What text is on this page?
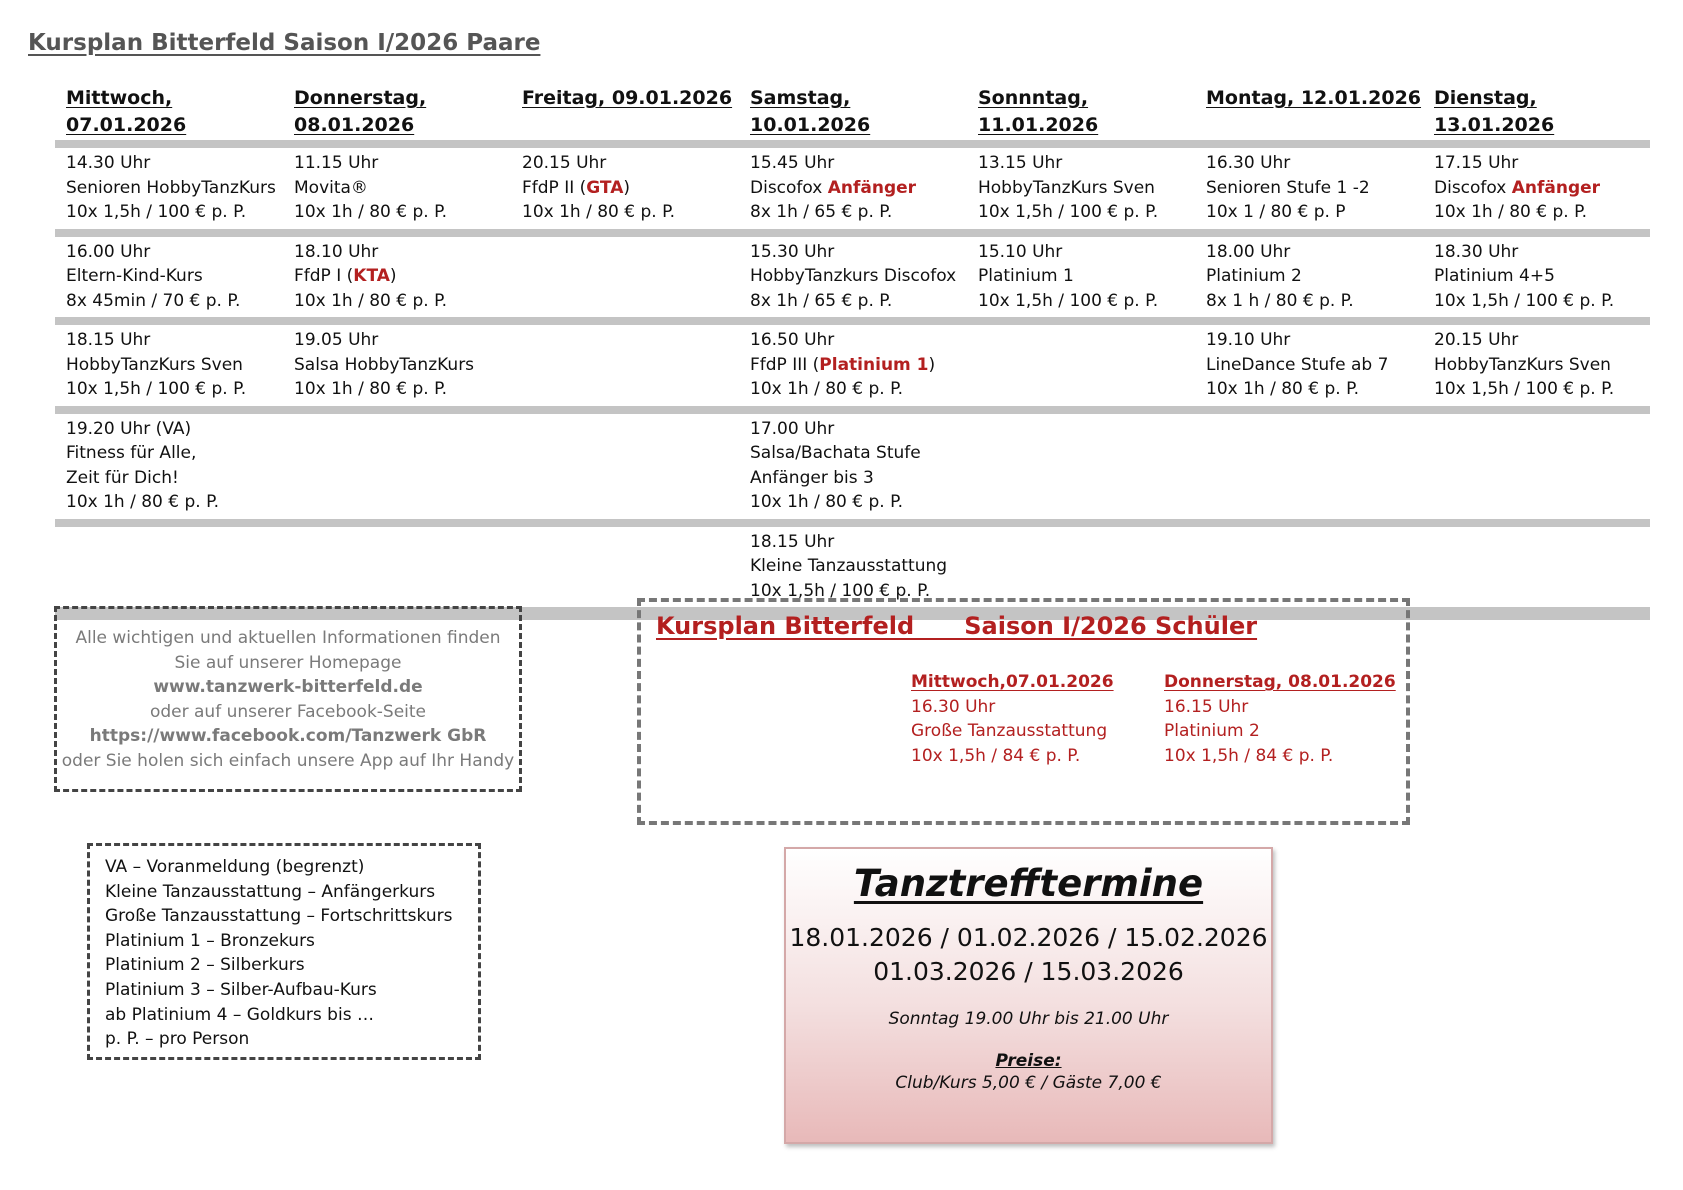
Kursplan Bitterfeld Saison I/2026 Paare
Mittwoch, 07.01.2026
Donnerstag,
08.01.2026
Freitag, 09.01.2026 Samstag, 10.01.2026
Sonnntag, 11.01.2026
Montag, 12.01.2026 Dienstag, 13.01.2026
14.30 Uhr
Senioren HobbyTanzKurs
10x 1,5h / 100 € p. P.
11.15 Uhr
Movita®
10x 1h / 80 € p. P.
20.15 Uhr
FfdP II (GTA)
10x 1h / 80 € p. P.
15.45 Uhr
Discofox Anfänger
8x 1h / 65 € p. P.
13.15 Uhr
HobbyTanzKurs Sven
10x 1,5h / 100 € p. P.
16.30 Uhr
Senioren Stufe 1 -2
10x 1 / 80 € p. P
17.15 Uhr
Discofox Anfänger
10x 1h / 80 € p. P.
16.00 Uhr
Eltern-Kind-Kurs
8x 45min / 70 € p. P.
18.10 Uhr
FfdP I (KTA)
10x 1h / 80 € p. P.
15.30 Uhr
HobbyTanzkurs Discofox
8x 1h / 65 € p. P.
15.10 Uhr
Platinium 1
10x 1,5h / 100 € p. P.
18.00 Uhr
Platinium 2
8x 1 h / 80 € p. P.
18.30 Uhr
Platinium 4+5
10x 1,5h / 100 € p. P.
18.15 Uhr
HobbyTanzKurs Sven
10x 1,5h / 100 € p. P.
19.05 Uhr
Salsa HobbyTanzKurs
10x 1h / 80 € p. P.
16.50 Uhr
FfdP III (Platinium 1)
10x 1h / 80 € p. P.
19.10 Uhr
LineDance Stufe ab 7
10x 1h / 80 € p. P.
20.15 Uhr
HobbyTanzKurs Sven
10x 1,5h / 100 € p. P.
19.20 Uhr (VA)
Fitness für Alle,
Zeit für Dich!
10x 1h / 80 € p. P.
17.00 Uhr
Salsa/Bachata Stufe
Anfänger bis 3
10x 1h / 80 € p. P.
18.15 Uhr
Kleine Tanzausstattung
10x 1,5h / 100 € p. P.
Alle wichtigen und aktuellen Informationen finden
Sie auf unserer Homepage
www.tanzwerk-bitterfeld.de
oder auf unserer Facebook-Seite
https://www.facebook.com/Tanzwerk GbR
oder Sie holen sich einfach unsere App auf Ihr Handy
VA – Voranmeldung (begrenzt)
Kleine Tanzausstattung – Anfängerkurs
Große Tanzausstattung – Fortschrittskurs
Platinium 1 – Bronzekurs
Platinium 2 – Silberkurs
Platinium 3 – Silber-Aufbau-Kurs
ab Platinium 4 – Goldkurs bis …
p. P. – pro Person
Kursplan Bitterfeld      Saison I/2026 Schüler
Mittwoch,07.01.2026
16.30 Uhr
Große Tanzausstattung
10x 1,5h / 84 € p. P.
Donnerstag, 08.01.2026
16.15 Uhr
Platinium 2
10x 1,5h / 84 € p. P.
Tanztrefftermine
18.01.2026 / 01.02.2026 / 15.02.2026
01.03.2026 / 15.03.2026
Sonntag 19.00 Uhr bis 21.00 Uhr
Preise:
Club/Kurs 5,00 € / Gäste 7,00 €
